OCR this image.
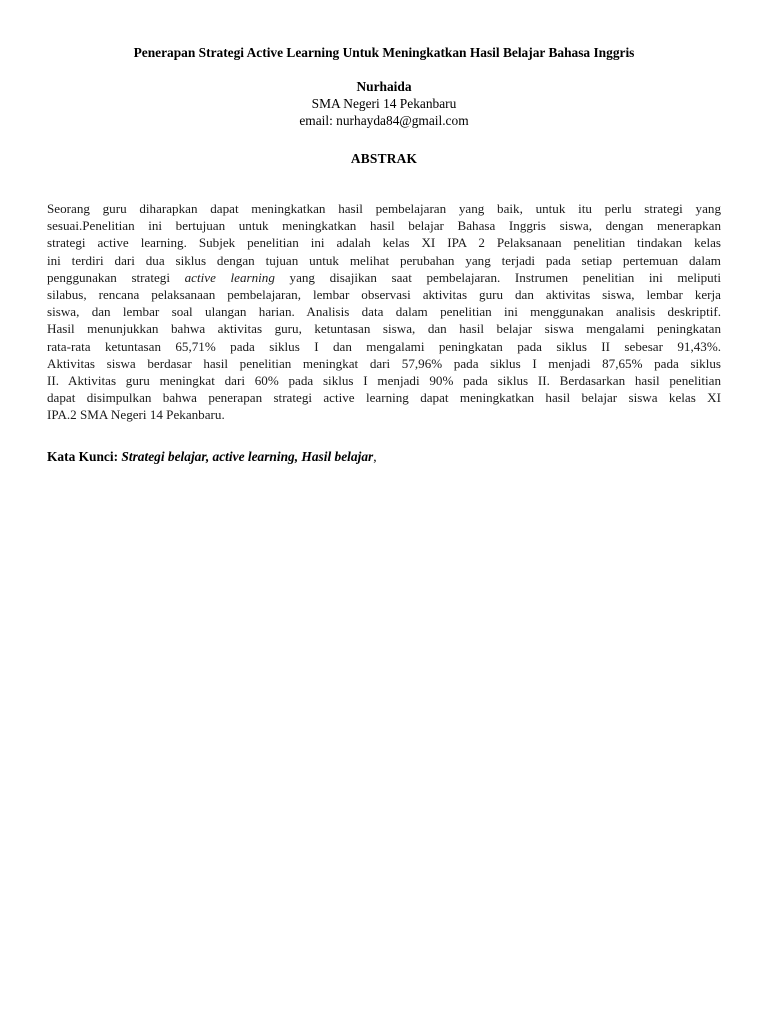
Penerapan Strategi Active Learning Untuk Meningkatkan Hasil Belajar Bahasa Inggris
Nurhaida
SMA Negeri 14 Pekanbaru
email: nurhayda84@gmail.com
ABSTRAK
Seorang guru diharapkan dapat meningkatkan hasil pembelajaran yang baik, untuk itu perlu strategi yang
sesuai.Penelitian ini bertujuan untuk meningkatkan hasil belajar Bahasa Inggris siswa, dengan menerapkan
strategi active learning. Subjek penelitian ini adalah kelas XI IPA 2 Pelaksanaan penelitian tindakan kelas
ini terdiri dari dua siklus dengan tujuan untuk melihat perubahan yang terjadi pada setiap pertemuan dalam
penggunakan strategi active learning yang disajikan saat pembelajaran. Instrumen penelitian ini meliputi
silabus, rencana pelaksanaan pembelajaran, lembar observasi aktivitas guru dan aktivitas siswa, lembar kerja
siswa, dan lembar soal ulangan harian. Analisis data dalam penelitian ini menggunakan analisis deskriptif.
Hasil menunjukkan bahwa aktivitas guru, ketuntasan siswa, dan hasil belajar siswa mengalami peningkatan
rata-rata ketuntasan 65,71% pada siklus I dan mengalami peningkatan pada siklus II sebesar 91,43%.
Aktivitas siswa berdasar hasil penelitian meningkat dari 57,96% pada siklus I menjadi 87,65% pada siklus
II. Aktivitas guru meningkat dari 60% pada siklus I menjadi 90% pada siklus II. Berdasarkan hasil penelitian
dapat disimpulkan bahwa penerapan strategi active learning dapat meningkatkan hasil belajar siswa kelas XI
IPA.2 SMA Negeri 14 Pekanbaru.
Kata Kunci: Strategi belajar, active learning, Hasil belajar,
